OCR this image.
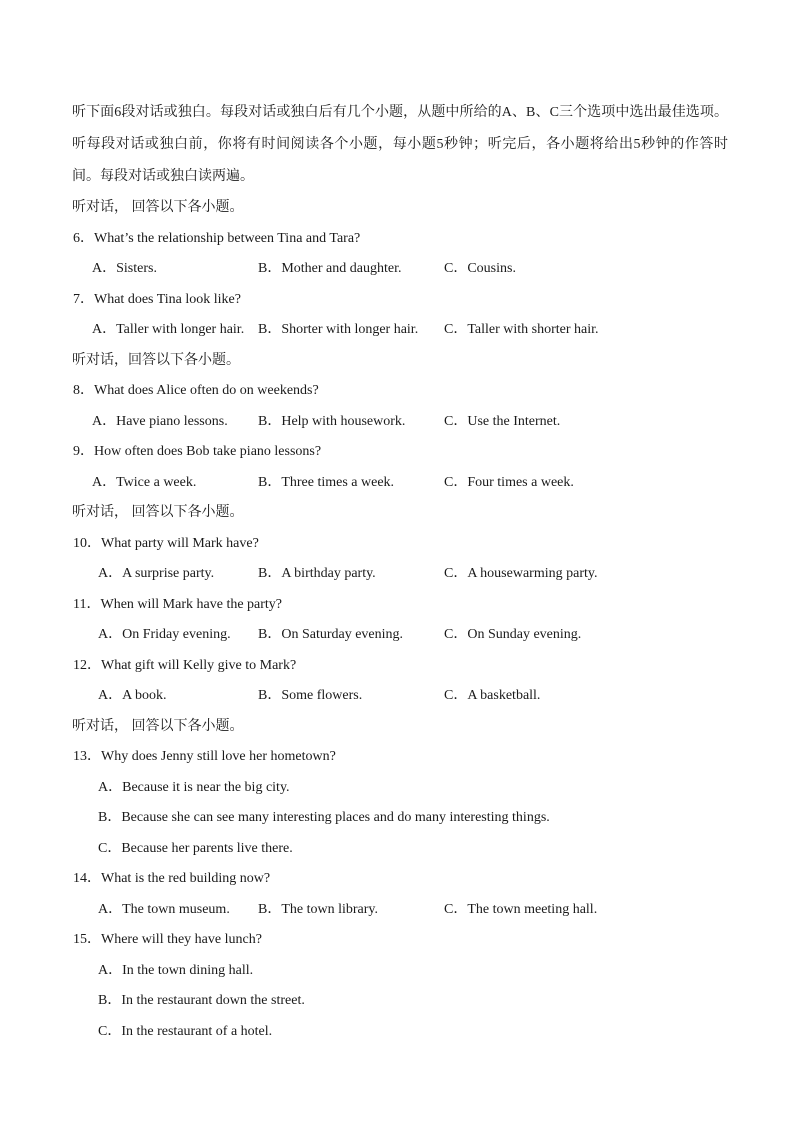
听下面6段对话或独白。每段对话或独白后有几个小题，从题中所给的A、B、C三个选项中选出最佳选项。听每段对话或独白前，你将有时间阅读各个小题，每小题5秒钟；听完后，各小题将给出5秒钟的作答时间。每段对话或独白读两遍。

听对话， 回答以下各小题。
6．What’s the relationship between Tina and Tara?
A．Sisters.	B．Mother and daughter.	C．Cousins.
7．What does Tina look like?
A．Taller with longer hair. B．Shorter with longer hair. C．Taller with shorter hair.
听对话，回答以下各小题。
8．What does Alice often do on weekends?
A．Have piano lessons. B．Help with housework.	C．Use the Internet.
9．How often does Bob take piano lessons?
A．Twice a week.	B．Three times a week.	C．Four times a week.
听对话， 回答以下各小题。
10．What party will Mark have?
A．A surprise party.	B．A birthday party.	C．A housewarming party.
11．When will Mark have the party?
A．On Friday evening. B．On Saturday evening.	C．On Sunday evening.
12．What gift will Kelly give to Mark?
A．A book.	B．Some flowers.	C．A basketball.
听对话， 回答以下各小题。
13．Why does Jenny still love her hometown?
A．Because it is near the big city.
B．Because she can see many interesting places and do many interesting things.
C．Because her parents live there.
14．What is the red building now?
A．The town museum. B．The town library.	C．The town meeting hall.
15．Where will they have lunch?
A．In the town dining hall.
B．In the restaurant down the street.
C．In the restaurant of a hotel.
